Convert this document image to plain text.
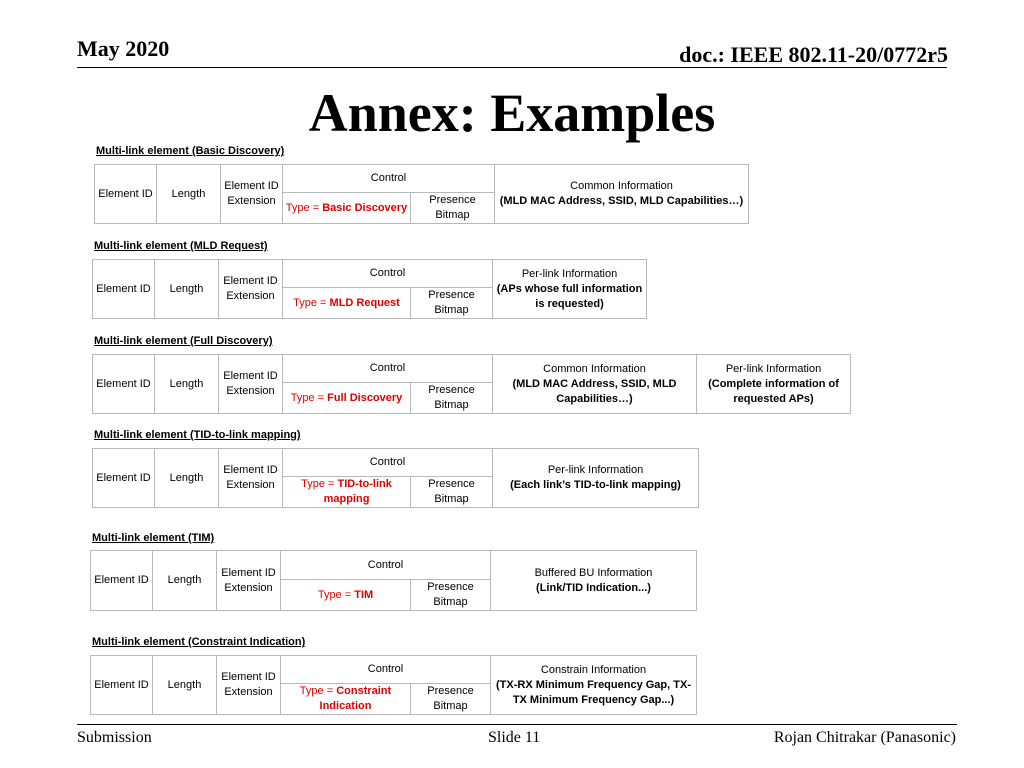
May 2020	doc.: IEEE 802.11-20/0772r5
Annex: Examples
Multi-link element (Basic Discovery)
Element ID	Length	Element ID Extension	Control		Common Information
(MLD MAC Address, SSID, MLD Capabilities…)
			Type = Basic Discovery	Presence Bitmap	
Multi-link element (MLD Request)
Element ID	Length	Element ID Extension	Control		Per-link Information
(APs whose full information is requested)
			Type = MLD Request	Presence Bitmap	
Multi-link element (Full Discovery)
Element ID	Length	Element ID Extension	Control		Common Information
(MLD MAC Address, SSID, MLD Capabilities…)	Per-link Information
(Complete information of requested APs)
			Type = Full Discovery	Presence Bitmap		
Multi-link element (TID-to-link mapping)
Element ID	Length	Element ID Extension	Control		Per-link Information
(Each link’s TID-to-link mapping)
			Type = TID-to-link mapping	Presence Bitmap	
Multi-link element (TIM)
Element ID	Length	Element ID Extension	Control		Buffered BU Information
(Link/TID Indication...)
			Type = TIM	Presence Bitmap	
Multi-link element (Constraint Indication)
Element ID	Length	Element ID Extension	Control		Constrain Information
(TX-RX Minimum Frequency Gap, TX-TX Minimum Frequency Gap...)
			Type = Constraint Indication	Presence Bitmap	
Submission	Slide 11	Rojan Chitrakar (Panasonic)
